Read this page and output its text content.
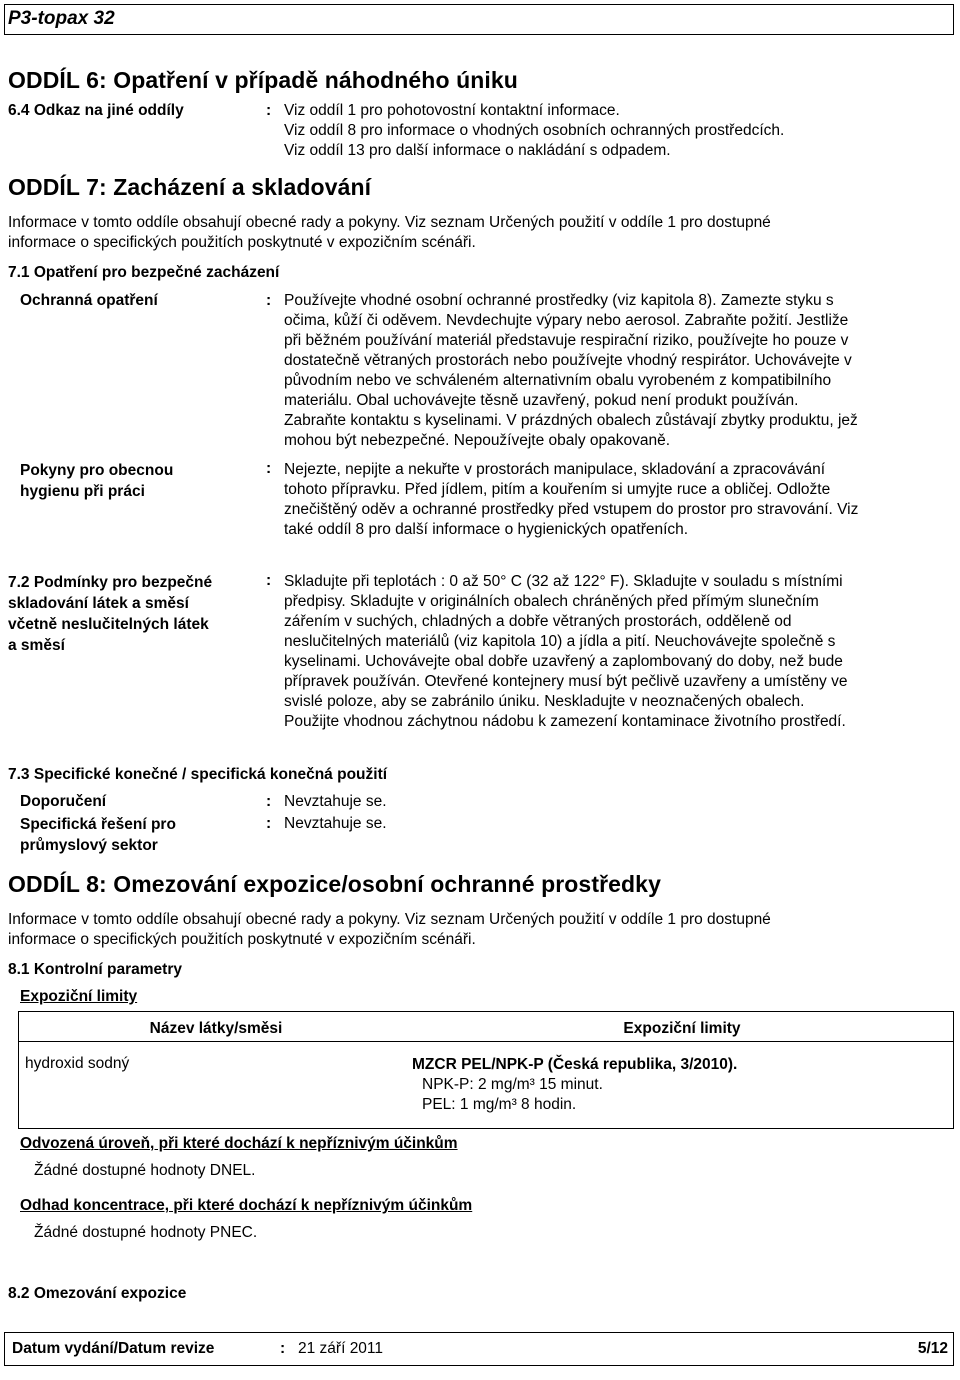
P3-topax 32
ODDÍL 6: Opatření v případě náhodného úniku
6.4 Odkaz na jiné oddíly	: Viz oddíl 1 pro pohotovostní kontaktní informace.
Viz oddíl 8 pro informace o vhodných osobních ochranných prostředcích.
Viz oddíl 13 pro další informace o nakládání s odpadem.
ODDÍL 7: Zacházení a skladování
Informace v tomto oddíle obsahují obecné rady a pokyny. Viz seznam Určených použití v oddíle 1 pro dostupné
informace o specifických použitích poskytnuté v expozičním scénáři.
7.1 Opatření pro bezpečné zacházení
Ochranná opatření	: Používejte vhodné osobní ochranné prostředky (viz kapitola 8). Zamezte styku s
očima, kůží či oděvem. Nevdechujte výpary nebo aerosol. Zabraňte požití. Jestliže
při běžném používání materiál představuje respirační riziko, používejte ho pouze v
dostatečně větraných prostorách nebo používejte vhodný respirátor. Uchovávejte v
původním nebo ve schváleném alternativním obalu vyrobeném z kompatibilního
materiálu. Obal uchovávejte těsně uzavřený, pokud není produkt používán.
Zabraňte kontaktu s kyselinami. V prázdných obalech zůstávají zbytky produktu, jež
mohou být nebezpečné. Nepoužívejte obaly opakovaně.
Pokyny pro obecnou
hygienu při práci
: Nejezte, nepijte a nekuřte v prostorách manipulace, skladování a zpracovávání
tohoto přípravku. Před jídlem, pitím a kouřením si umyjte ruce a obličej. Odložte
znečištěný oděv a ochranné prostředky před vstupem do prostor pro stravování. Viz
také oddíl 8 pro další informace o hygienických opatřeních.
7.2 Podmínky pro bezpečné
skladování látek a směsí
včetně neslučitelných látek
a směsí
: Skladujte při teplotách : 0 až 50° C (32 až 122° F). Skladujte v souladu s místními
předpisy. Skladujte v originálních obalech chráněných před přímým slunečním
zářením v suchých, chladných a dobře větraných prostorách, odděleně od
neslučitelných materiálů (viz kapitola 10) a jídla a pití. Neuchovávejte společně s
kyselinami. Uchovávejte obal dobře uzavřený a zaplombovaný do doby, než bude
přípravek používán. Otevřené kontejnery musí být pečlivě uzavřeny a umístěny ve
svislé poloze, aby se zabránilo úniku. Neskladujte v neoznačených obalech.
Použijte vhodnou záchytnou nádobu k zamezení kontaminace životního prostředí.
7.3 Specifické konečné / specifická konečná použití
Doporučení	: Nevztahuje se.
Specifická řešení pro
průmyslový sektor
: Nevztahuje se.
ODDÍL 8: Omezování expozice/osobní ochranné prostředky
Informace v tomto oddíle obsahují obecné rady a pokyny. Viz seznam Určených použití v oddíle 1 pro dostupné
informace o specifických použitích poskytnuté v expozičním scénáři.
8.1 Kontrolní parametry
Expoziční limity
Název látky/směsi	Expoziční limity
hydroxid sodný	MZCR PEL/NPK-P (Česká republika, 3/2010).
NPK-P: 2 mg/m³ 15 minut.
PEL: 1 mg/m³ 8 hodin.
Odvozená úroveň, při které dochází k nepříznivým účinkům
Žádné dostupné hodnoty DNEL.
Odhad koncentrace, při které dochází k nepříznivým účinkům
Žádné dostupné hodnoty PNEC.
8.2 Omezování expozice
Datum vydání/Datum revize	: 21 září 2011	5/12
